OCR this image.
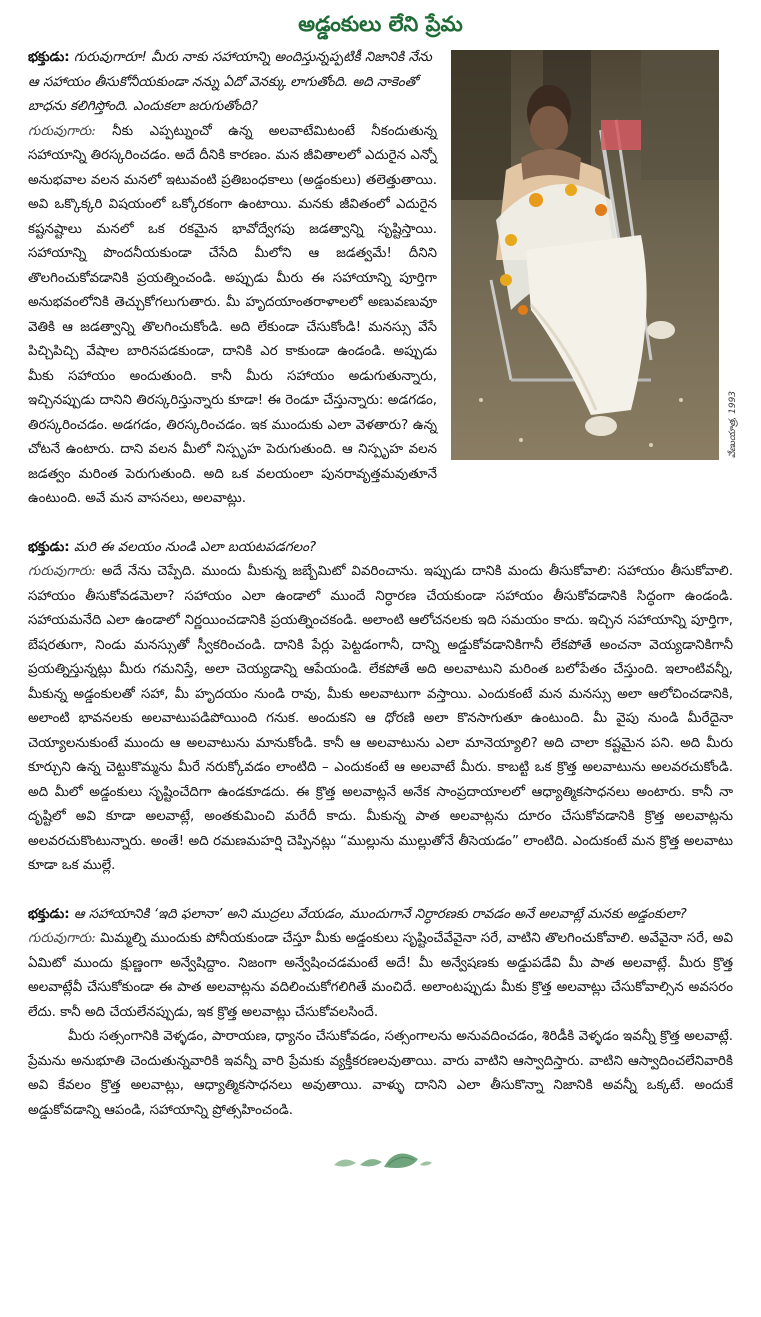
అడ్డంకులు లేని ప్రేమ
వేణుయాత్ర, 1993

భక్తుడు: గురువుగారూ! మీరు నాకు సహాయాన్ని అందిస్తున్నప్పటికీ నిజానికి నేను ఆ సహాయం తీసుకోనీయకుండా నన్ను ఏదో వెనక్కు లాగుతోంది. అది నాకెంతో బాధను కలిగిస్తోంది. ఎందుకలా జరుగుతోంది?

గురువుగారు: నీకు ఎప్పట్నుంచో ఉన్న అలవాటేమిటంటే నీకందుతున్న సహాయాన్ని తిరస్కరించడం. అదే దీనికి కారణం. మన జీవితాలలో ఎదురైన ఎన్నో అనుభవాల వలన మనలో ఇటువంటి ప్రతిబంధకాలు (అడ్డంకులు) తలెత్తుతాయి. అవి ఒక్కొక్కరి విషయంలో ఒక్కోరకంగా ఉంటాయి. మనకు జీవితంలో ఎదురైన కష్టనష్టాలు మనలో ఒక రకమైన భావోద్వేగపు జడత్వాన్ని సృష్టిస్తాయి. సహాయాన్ని పొందనీయకుండా చేసేది మీలోని ఆ జడత్వమే! దీనిని తొలగించుకోవడానికి ప్రయత్నించండి. అప్పుడు మీరు ఈ సహాయాన్ని పూర్తిగా అనుభవంలోనికి తెచ్చుకోగలుగుతారు. మీ హృదయాంతరాళాలలో అణువణువూ వెతికి ఆ జడత్వాన్ని తొలగించుకోండి. అది లేకుండా చేసుకోండి! మనస్సు వేసే పిచ్చిపిచ్చి వేషాల బారినపడకుండా, దానికి ఎర కాకుండా ఉండండి. అప్పుడు మీకు సహాయం అందుతుంది. కానీ మీరు సహాయం అడుగుతున్నారు, ఇచ్చినప్పుడు దానిని తిరస్కరిస్తున్నారు కూడా! ఈ రెండూ చేస్తున్నారు: అడగడం, తిరస్కరించడం. అడగడం, తిరస్కరించడం. ఇక ముందుకు ఎలా వెళతారు? ఉన్న చోటనే ఉంటారు. దాని వలన మీలో నిస్పృహ పెరుగుతుంది. ఆ నిస్పృహ వలన జడత్వం మరింత పెరుగుతుంది. అది ఒక వలయంలా పునరావృత్తమవుతూనే ఉంటుంది. అవే మన వాసనలు, అలవాట్లు.

భక్తుడు: మరి ఈ వలయం నుండి ఎలా బయటపడగలం?

గురువుగారు: అదే నేను చెప్పేది. ముందు మీకున్న జబ్బేమిటో వివరించాను. ఇప్పుడు దానికి మందు తీసుకోవాలి: సహాయం తీసుకోవాలి. సహాయం తీసుకోవడమెలా? సహాయం ఎలా ఉండాలో ముందే నిర్ధారణ చేయకుండా సహాయం తీసుకోవడానికి సిద్ధంగా ఉండండి. సహాయమనేది ఎలా ఉండాలో నిర్ణయించడానికి ప్రయత్నించకండి. అలాంటి ఆలోచనలకు ఇది సమయం కాదు. ఇచ్చిన సహాయాన్ని పూర్తిగా, బేషరతుగా, నిండు మనస్సుతో స్వీకరించండి. దానికి పేర్లు పెట్టడంగానీ, దాన్ని అడ్డుకోవడానికిగానీ లేకపోతే అంచనా వెయ్యడానికిగానీ ప్రయత్నిస్తున్నట్లు మీరు గమనిస్తే, అలా చెయ్యడాన్ని ఆపేయండి. లేకపోతే అది అలవాటుని మరింత బలోపేతం చేస్తుంది. ఇలాంటివన్నీ, మీకున్న అడ్డంకులతో సహా, మీ హృదయం నుండి రావు, మీకు అలవాటుగా వస్తాయి. ఎందుకంటే మన మనస్సు అలా ఆలోచించడానికి, అలాంటి భావనలకు అలవాటుపడిపోయింది గనుక. అందుకని ఆ ధోరణి అలా కొనసాగుతూ ఉంటుంది. మీ వైపు నుండి మీరేదైనా చెయ్యాలనుకుంటే ముందు ఆ అలవాటును మానుకోండి. కానీ ఆ అలవాటును ఎలా మానెయ్యాలి? అది చాలా కష్టమైన పని. అది మీరు కూర్చుని ఉన్న చెట్టుకొమ్మను మీరే నరుక్కోవడం లాంటిది – ఎందుకంటే ఆ అలవాటే మీరు. కాబట్టి ఒక క్రొత్త అలవాటును అలవరచుకోండి. అది మీలో అడ్డంకులు సృష్టించేదిగా ఉండకూడదు. ఈ క్రొత్త అలవాట్లనే అనేక సాంప్రదాయాలలో ఆధ్యాత్మికసాధనలు అంటారు. కానీ నా దృష్టిలో అవి కూడా అలవాట్లే, అంతకుమించి మరేదీ కాదు. మీకున్న పాత అలవాట్లను దూరం చేసుకోవడానికి క్రొత్త అలవాట్లను అలవరచుకొంటున్నారు. అంతే! అది రమణమహర్షి చెప్పినట్లు “ముల్లును ముల్లుతోనే తీసెయడం” లాంటిది. ఎందుకంటే మన క్రొత్త అలవాటు కూడా ఒక ముల్లే.

భక్తుడు: ఆ సహాయానికి ‘ఇది ఫలానా’ అని ముద్రలు వేయడం, ముందుగానే నిర్ధారణకు రావడం అనే అలవాట్లే మనకు అడ్డంకులా?

గురువుగారు: మిమ్మల్ని ముందుకు పోనీయకుండా చేస్తూ మీకు అడ్డంకులు సృష్టించేవేవైనా సరే, వాటిని తొలగించుకోవాలి. అవేవైనా సరే, అవి ఏమిటో ముందు క్షుణ్ణంగా అన్వేషిద్దాం. నిజంగా అన్వేషించడమంటే అదే! మీ అన్వేషణకు అడ్డుపడేవి మీ పాత అలవాట్లే. మీరు క్రొత్త అలవాట్లేవీ చేసుకోకుండా ఈ పాత అలవాట్లను వదిలించుకోగలిగితే మంచిదే. అలాంటప్పుడు మీకు క్రొత్త అలవాట్లు చేసుకోవాల్సిన అవసరం లేదు. కానీ అది చేయలేనప్పుడు, ఇక క్రొత్త అలవాట్లు చేసుకోవలసిందే.

మీరు సత్సంగానికి వెళ్ళడం, పారాయణ, ధ్యానం చేసుకోవడం, సత్సంగాలను అనువదించడం, శిరిడీకి వెళ్ళడం ఇవన్నీ క్రొత్త అలవాట్లే. ప్రేమను అనుభూతి చెందుతున్నవారికి ఇవన్నీ వారి ప్రేమకు వ్యక్తీకరణలవుతాయి. వారు వాటిని ఆస్వాదిస్తారు. వాటిని ఆస్వాదించలేనివారికి అవి కేవలం క్రొత్త అలవాట్లు, ఆధ్యాత్మికసాధనలు అవుతాయి. వాళ్ళు దానిని ఎలా తీసుకొన్నా నిజానికి అవన్నీ ఒక్కటే. అందుకే అడ్డుకోవడాన్ని ఆపండి, సహాయాన్ని ప్రోత్సహించండి.
